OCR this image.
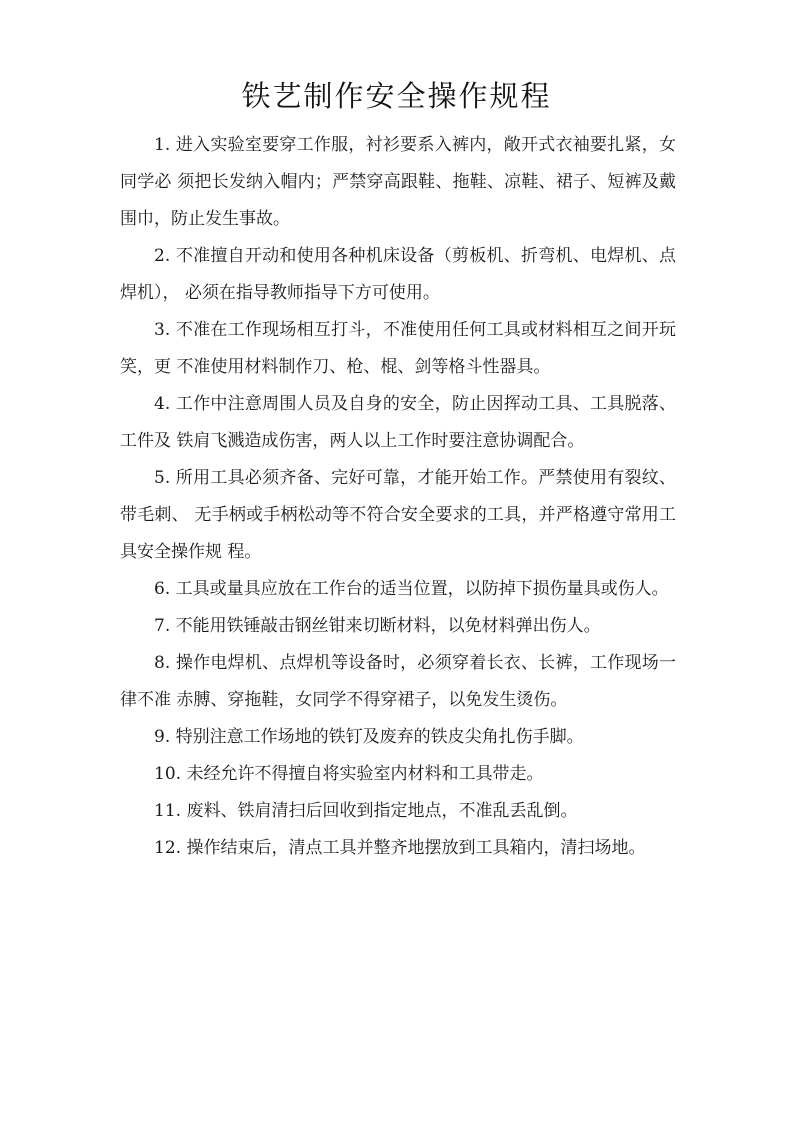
铁艺制作安全操作规程

1. 进入实验室要穿工作服，衬衫要系入裤内，敞开式衣袖要扎紧，女同学必 须把长发纳入帽内；严禁穿高跟鞋、拖鞋、凉鞋、裙子、短裤及戴围巾，防止发生事故。

2. 不准擅自开动和使用各种机床设备（剪板机、折弯机、电焊机、点焊机）， 必须在指导教师指导下方可使用。

3. 不准在工作现场相互打斗，不准使用任何工具或材料相互之间开玩笑，更 不准使用材料制作刀、枪、棍、剑等格斗性器具。

4. 工作中注意周围人员及自身的安全，防止因挥动工具、工具脱落、工件及 铁肩飞溅造成伤害，两人以上工作时要注意协调配合。

5. 所用工具必须齐备、完好可靠，才能开始工作。严禁使用有裂纹、带毛刺、 无手柄或手柄松动等不符合安全要求的工具，并严格遵守常用工具安全操作规 程。

6. 工具或量具应放在工作台的适当位置，以防掉下损伤量具或伤人。

7. 不能用铁锤敲击钢丝钳来切断材料，以免材料弹出伤人。

8. 操作电焊机、点焊机等设备时，必须穿着长衣、长裤，工作现场一律不准 赤膊、穿拖鞋，女同学不得穿裙子，以免发生烫伤。

9. 特别注意工作场地的铁钉及废弃的铁皮尖角扎伤手脚。

10. 未经允许不得擅自将实验室内材料和工具带走。

11. 废料、铁肩清扫后回收到指定地点，不准乱丢乱倒。

12. 操作结束后，清点工具并整齐地摆放到工具箱内，清扫场地。
